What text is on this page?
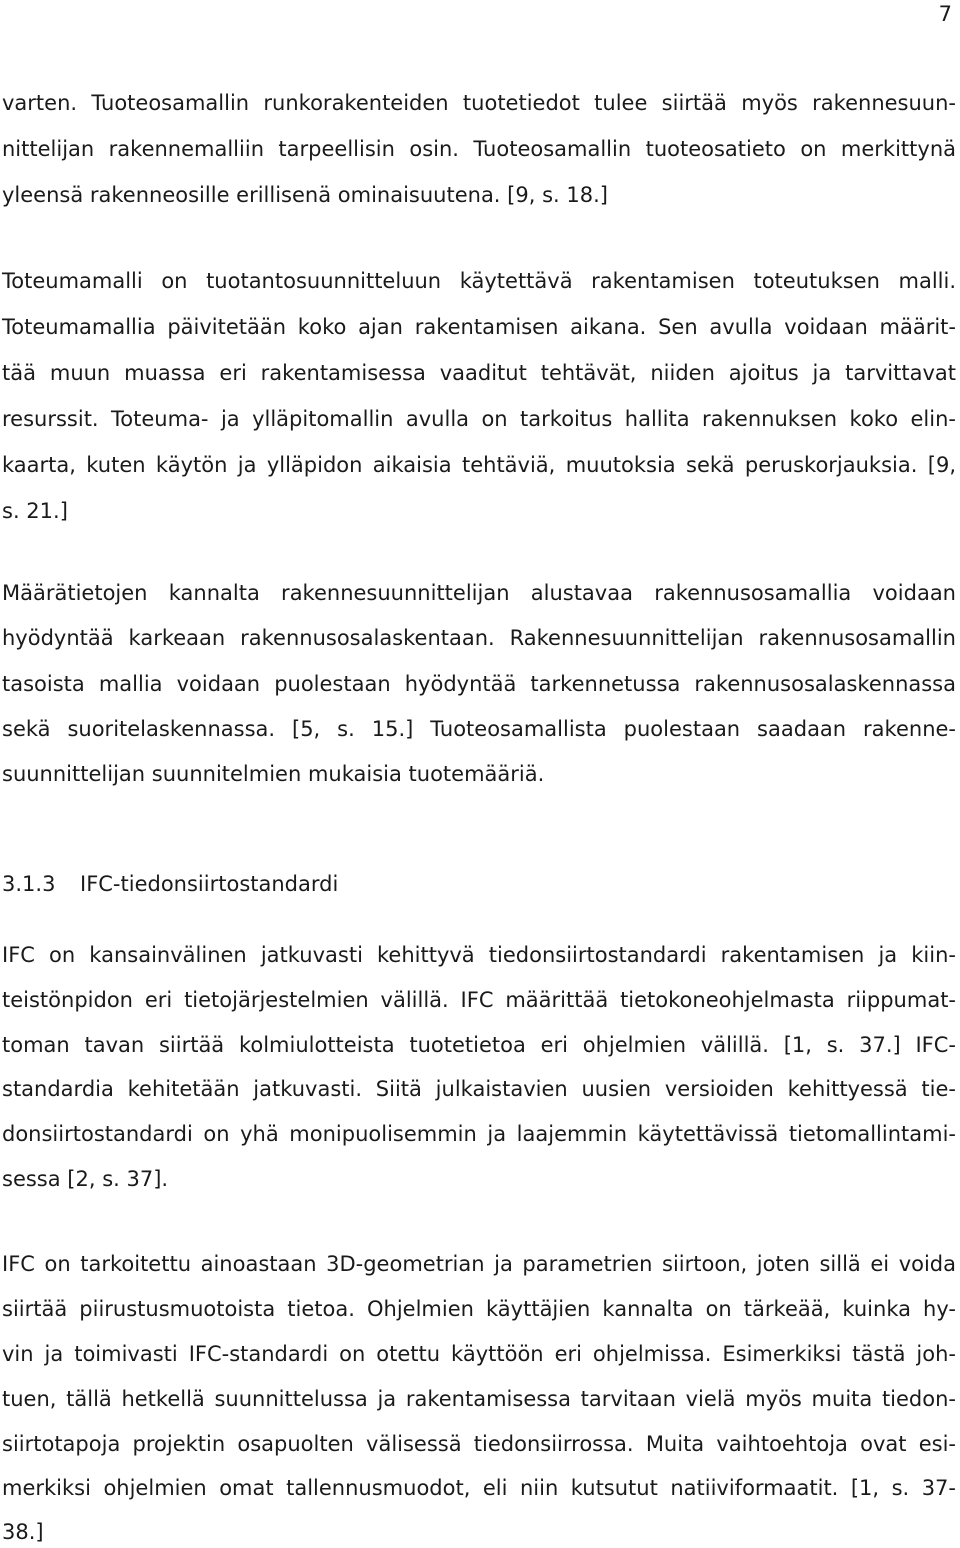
7
varten. Tuoteosamallin runkorakenteiden tuotetiedot tulee siirtää myös rakennesuun-
nittelijan rakennemalliin tarpeellisin osin. Tuoteosamallin tuoteosatieto on merkittynä
yleensä rakenneosille erillisenä ominaisuutena. [9, s. 18.]
Toteumamalli on tuotantosuunnitteluun käytettävä rakentamisen toteutuksen malli.
Toteumamallia päivitetään koko ajan rakentamisen aikana. Sen avulla voidaan määrit-
tää muun muassa eri rakentamisessa vaaditut tehtävät, niiden ajoitus ja tarvittavat
resurssit. Toteuma- ja ylläpitomallin avulla on tarkoitus hallita rakennuksen koko elin-
kaarta, kuten käytön ja ylläpidon aikaisia tehtäviä, muutoksia sekä peruskorjauksia. [9,
s. 21.]
Määrätietojen kannalta rakennesuunnittelijan alustavaa rakennusosamallia voidaan
hyödyntää karkeaan rakennusosalaskentaan. Rakennesuunnittelijan rakennusosamallin
tasoista mallia voidaan puolestaan hyödyntää tarkennetussa rakennusosalaskennassa
sekä suoritelaskennassa. [5, s. 15.] Tuoteosamallista puolestaan saadaan rakenne-
suunnittelijan suunnitelmien mukaisia tuotemääriä.
3.1.3 IFC-tiedonsiirtostandardi
IFC on kansainvälinen jatkuvasti kehittyvä tiedonsiirtostandardi rakentamisen ja kiin-
teistönpidon eri tietojärjestelmien välillä. IFC määrittää tietokoneohjelmasta riippumat-
toman tavan siirtää kolmiulotteista tuotetietoa eri ohjelmien välillä. [1, s. 37.] IFC-
standardia kehitetään jatkuvasti. Siitä julkaistavien uusien versioiden kehittyessä tie-
donsiirtostandardi on yhä monipuolisemmin ja laajemmin käytettävissä tietomallintami-
sessa [2, s. 37].
IFC on tarkoitettu ainoastaan 3D-geometrian ja parametrien siirtoon, joten sillä ei voida
siirtää piirustusmuotoista tietoa. Ohjelmien käyttäjien kannalta on tärkeää, kuinka hy-
vin ja toimivasti IFC-standardi on otettu käyttöön eri ohjelmissa. Esimerkiksi tästä joh-
tuen, tällä hetkellä suunnittelussa ja rakentamisessa tarvitaan vielä myös muita tiedon-
siirtotapoja projektin osapuolten välisessä tiedonsiirrossa. Muita vaihtoehtoja ovat esi-
merkiksi ohjelmien omat tallennusmuodot, eli niin kutsutut natiiviformaatit. [1, s. 37-
38.]
